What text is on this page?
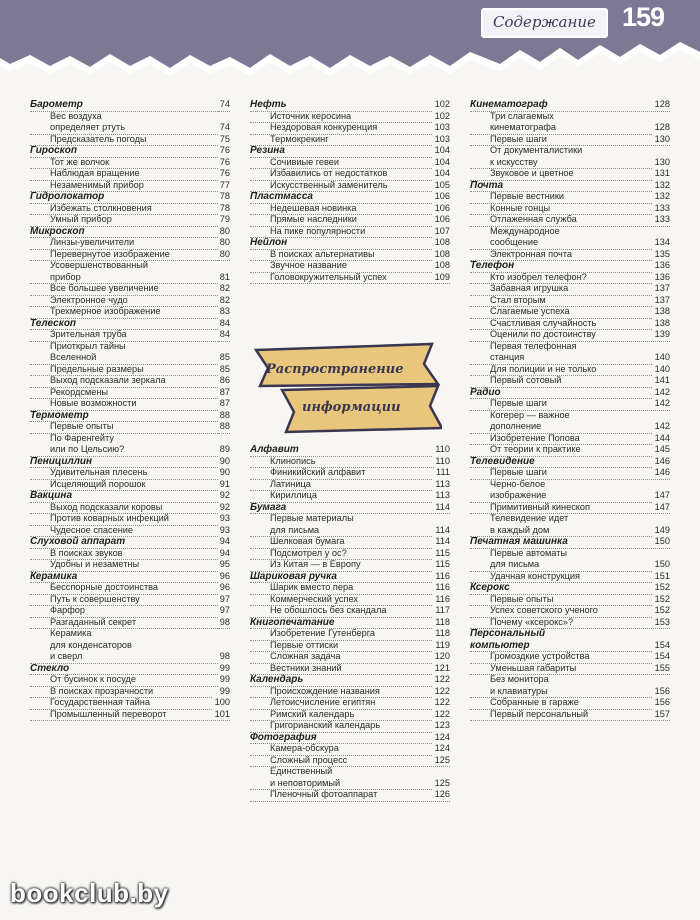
Содержание 159
Распространение
информации
Барометр	74
Вес воздуха
определяет ртуть	74
Предсказатель погоды	75
Гироскоп	76
Тот же волчок	76
Наблюдая вращение	76
Незаменимый прибор	77
Гидролокатор	78
Избежать столкновения	78
Умный прибор	79
Микроскоп	80
Линзы-увеличители	80
Перевернутое изображение	80
Усовершенствованный
прибор	81
Все большее увеличение	82
Электронное чудо	82
Трехмерное изображение	83
Телескоп	84
Зрительная труба	84
Приоткрыл тайны
Вселенной	85
Предельные размеры	85
Выход подсказали зеркала	86
Рекордсмены	87
Новые возможности	87
Термометр	88
Первые опыты	88
По Фаренгейту
или по Цельсию?	89
Пенициллин	90
Удивительная плесень	90
Исцеляющий порошок	91
Вакцина	92
Выход подсказали коровы	92
Против коварных инфекций	93
Чудесное спасение	93
Слуховой аппарат	94
В поисках звуков	94
Удобны и незаметны	95
Керамика	96
Бесспорные достоинства	96
Путь к совершенству	97
Фарфор	97
Разгаданный секрет	98
Керамика
для конденсаторов
и сверл	98
Стекло	99
От бусинок к посуде	99
В поисках прозрачности	99
Государственная тайна	100
Промышленный переворот	101
Нефть	102
Источник керосина	102
Нездоровая конкуренция	103
Термокрекинг	103
Резина	104
Сочивиые гевеи	104
Избавились от недостатков	104
Искусственный заменитель	105
Пластмасса	106
Недешевая новинка	106
Прямые наследники	106
На пике популярности	107
Нейлон	108
В поисках альтернативы	108
Звучное название	108
Головокружительный успех	109
Алфавит	110
Клинопись	110
Финикийский алфавит	111
Латиница	113
Кириллица	113
Бумага	114
Первые материалы
для письма	114
Шелковая бумага	114
Подсмотрел у ос?	115
Из Китая — в Европу	115
Шариковая ручка	116
Шарик вместо пера	116
Коммерческий успех	116
Не обошлось без скандала	117
Книгопечатание	118
Изобретение Гутенберга	118
Первые оттиски	119
Сложная задача	120
Вестники знаний	121
Календарь	122
Происхождение названия	122
Летоисчисление египтян	122
Римский календарь	122
Григорианский календарь	123
Фотография	124
Камера-обскура	124
Сложный процесс	125
Единственный
и неповторимый	125
Пленочный фотоаппарат	126
Кинематограф	128
Три слагаемых
кинематографа	128
Первые шаги	130
От документалистики
к искусству	130
Звуковое и цветное	131
Почта	132
Первые вестники	132
Конные гонцы	133
Отлаженная служба	133
Международное
сообщение	134
Электронная почта	135
Телефон	136
Кто изобрел телефон?	136
Забавная игрушка	137
Стал вторым	137
Слагаемые успеха	138
Счастливая случайность	138
Оценили по достоинству	139
Первая телефонная
станция	140
Для полиции и не только	140
Первый сотовый	141
Радио	142
Первые шаги	142
Когерер — важное
дополнение	142
Изобретение Попова	144
От теории к практике	145
Телевидение	146
Первые шаги	146
Черно-белое
изображение	147
Примитивный кинескоп	147
Телевидение идет
в каждый дом	149
Печатная машинка	150
Первые автоматы
для письма	150
Удачная конструкция	151
Ксерокс	152
Первые опыты	152
Успех советского ученого	152
Почему «ксерокс»?	153
Персональный
компьютер	154
Громоздкие устройства	154
Уменьшая габариты	155
Без монитора
и клавиатуры	156
Собранные в гараже	156
Первый персональный	157
bookclub.by
